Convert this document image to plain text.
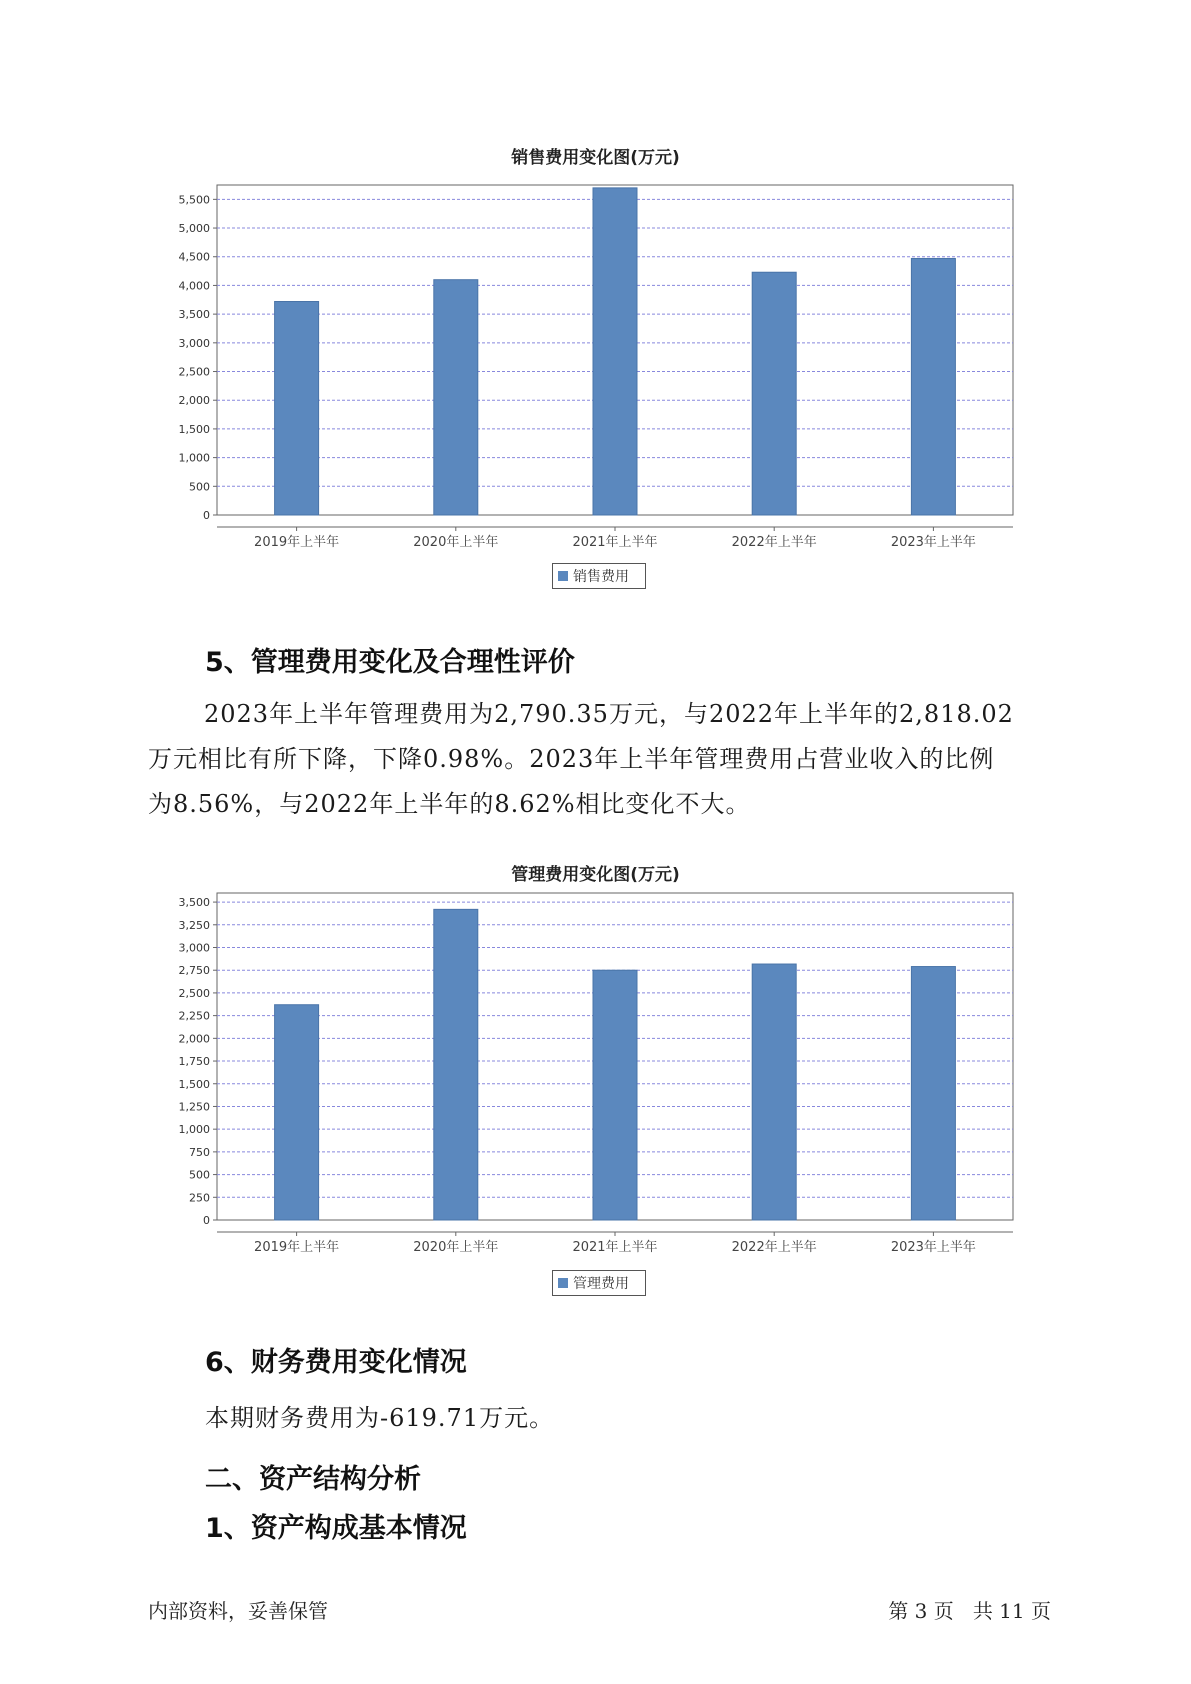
销售费用变化图(万元)
0
500
1,000
1,500
2,000
2,500
3,000
3,500
4,000
4,500
5,000
5,500
2019年上半年	2020年上半年	2021年上半年	2022年上半年	2023年上半年
销售费用
5、管理费用变化及合理性评价
2023年上半年管理费用为2,790.35万元，与2022年上半年的2,818.02
万元相比有所下降，下降0.98%。2023年上半年管理费用占营业收入的比例
为8.56%，与2022年上半年的8.62%相比变化不大。
管理费用变化图(万元)
0
250
500
750
1,000
1,250
1,500
1,750
2,000
2,250
2,500
2,750
3,000
3,250
3,500
2019年上半年	2020年上半年	2021年上半年	2022年上半年	2023年上半年
管理费用
6、财务费用变化情况
本期财务费用为-619.71万元。
二、资产结构分析
1、资产构成基本情况
内部资料，妥善保管	第 3 页   共 11 页
